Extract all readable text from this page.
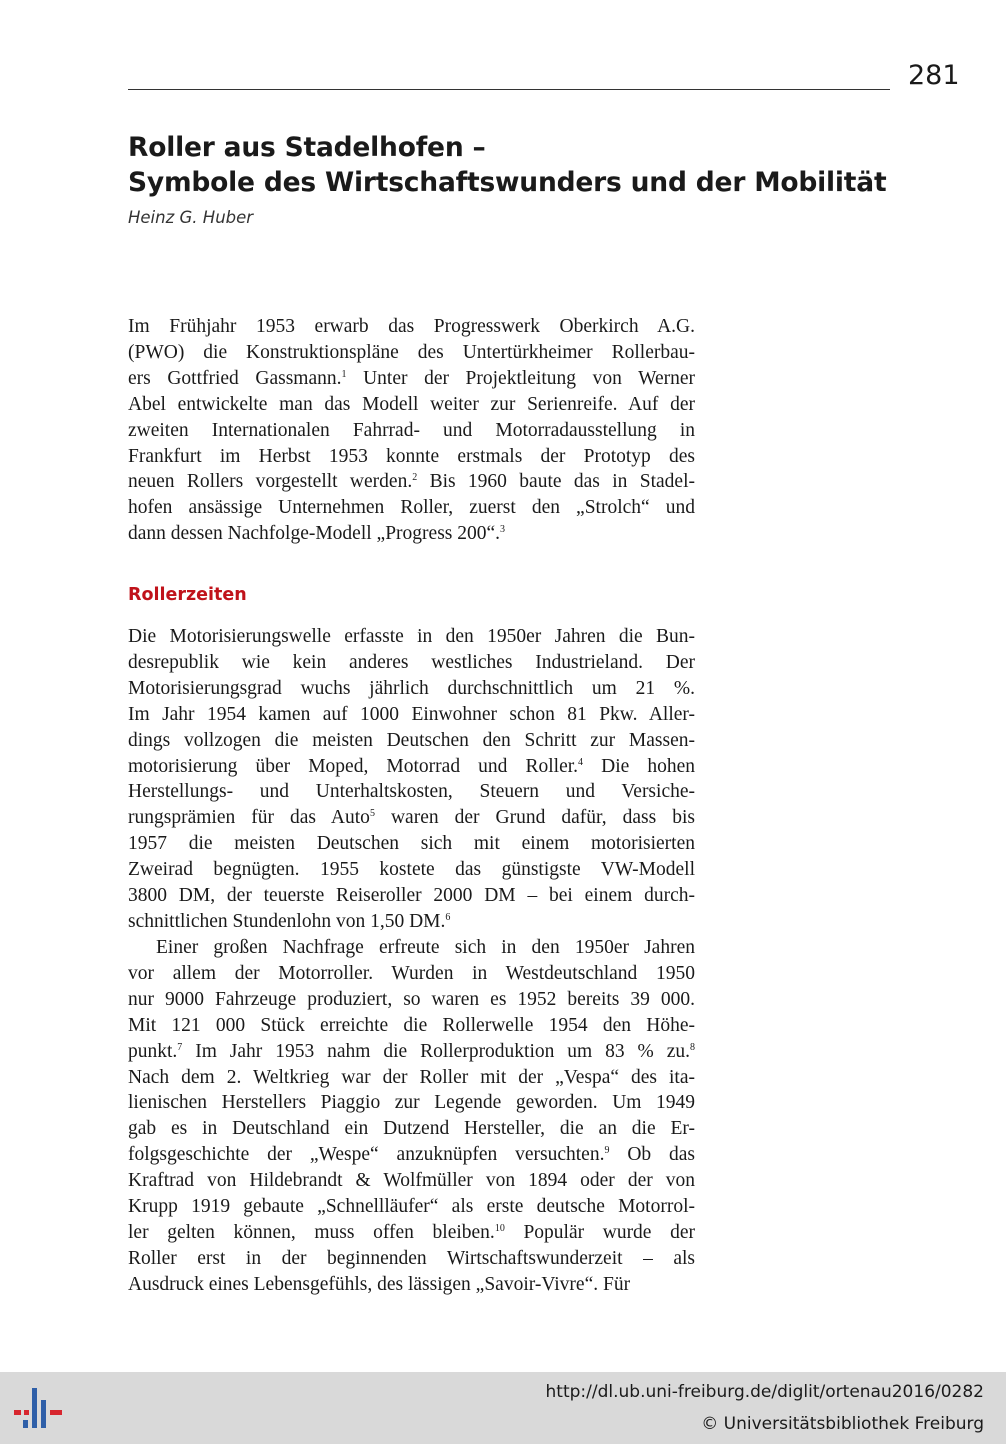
281
Roller aus Stadelhofen –
Symbole des Wirtschaftswunders und der Mobilität
Heinz G. Huber
Im Frühjahr 1953 erwarb das Progresswerk Oberkirch A.G.
(PWO) die Konstruktionspläne des Untertürkheimer Rollerbau-
ers Gottfried Gassmann.$^1$ Unter der Projektleitung von Werner
Abel entwickelte man das Modell weiter zur Serienreife. Auf der
zweiten Internationalen Fahrrad- und Motorradausstellung in
Frankfurt im Herbst 1953 konnte erstmals der Prototyp des
neuen Rollers vorgestellt werden.$^2$ Bis 1960 baute das in Stadel-
hofen ansässige Unternehmen Roller, zuerst den „Strolch“ und
dann dessen Nachfolge-Modell „Progress 200“.$^3$
Rollerzeiten
Die Motorisierungswelle erfasste in den 1950er Jahren die Bun-
desrepublik wie kein anderes westliches Industrieland. Der
Motorisierungsgrad wuchs jährlich durchschnittlich um 21 %.
Im Jahr 1954 kamen auf 1000 Einwohner schon 81 Pkw. Aller-
dings vollzogen die meisten Deutschen den Schritt zur Massen-
motorisierung über Moped, Motorrad und Roller.$^4$ Die hohen
Herstellungs- und Unterhaltskosten, Steuern und Versiche-
rungsprämien für das Auto$^5$ waren der Grund dafür, dass bis
1957 die meisten Deutschen sich mit einem motorisierten
Zweirad begnügten. 1955 kostete das günstigste VW-Modell
3800 DM, der teuerste Reiseroller 2000 DM – bei einem durch-
schnittlichen Stundenlohn von 1,50 DM.$^6$
Einer großen Nachfrage erfreute sich in den 1950er Jahren
vor allem der Motorroller. Wurden in Westdeutschland 1950
nur 9000 Fahrzeuge produziert, so waren es 1952 bereits 39 000.
Mit 121 000 Stück erreichte die Rollerwelle 1954 den Höhe-
punkt.$^7$ Im Jahr 1953 nahm die Rollerproduktion um 83 % zu.$^8$
Nach dem 2. Weltkrieg war der Roller mit der „Vespa“ des ita-
lienischen Herstellers Piaggio zur Legende geworden. Um 1949
gab es in Deutschland ein Dutzend Hersteller, die an die Er-
folgsgeschichte der „Wespe“ anzuknüpfen versuchten.$^9$ Ob das
Kraftrad von Hildebrandt & Wolfmüller von 1894 oder der von
Krupp 1919 gebaute „Schnellläufer“ als erste deutsche Motorrol-
ler gelten können, muss offen bleiben.$^{10}$ Populär wurde der
Roller erst in der beginnenden Wirtschaftswunderzeit – als
Ausdruck eines Lebensgefühls, des lässigen „Savoir-Vivre“. Für
http://dl.ub.uni-freiburg.de/diglit/ortenau2016/0282
© Universitätsbibliothek Freiburg
